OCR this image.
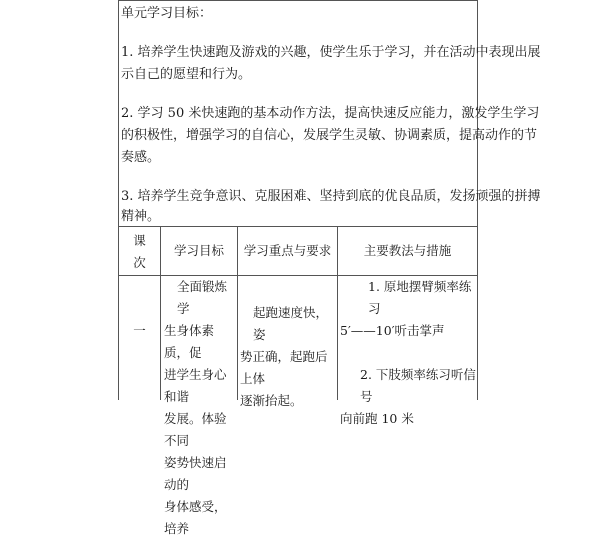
单元学习目标：
1. 培养学生快速跑及游戏的兴趣，使学生乐于学习，并在活动中表现出展
示自己的愿望和行为。
2. 学习 50 米快速跑的基本动作方法，提高快速反应能力，激发学生学习
的积极性，增强学习的自信心，发展学生灵敏、协调素质，提高动作的节
奏感。
3. 培养学生竞争意识、克服困难、坚持到底的优良品质，发扬顽强的拼搏
精神。
课
次
学习目标	学习重点与要求	主要教法与措施
一
全面锻炼学
生身体素质，促
进学生身心和谐
发展。体验不同
姿势快速启动的
身体感受，培养
起跑速度快，姿
势正确，起跑后上体
逐渐抬起。
1. 原地摆臂频率练习
5′——10′听击掌声
2. 下肢频率练习听信号
向前跑 10 米
